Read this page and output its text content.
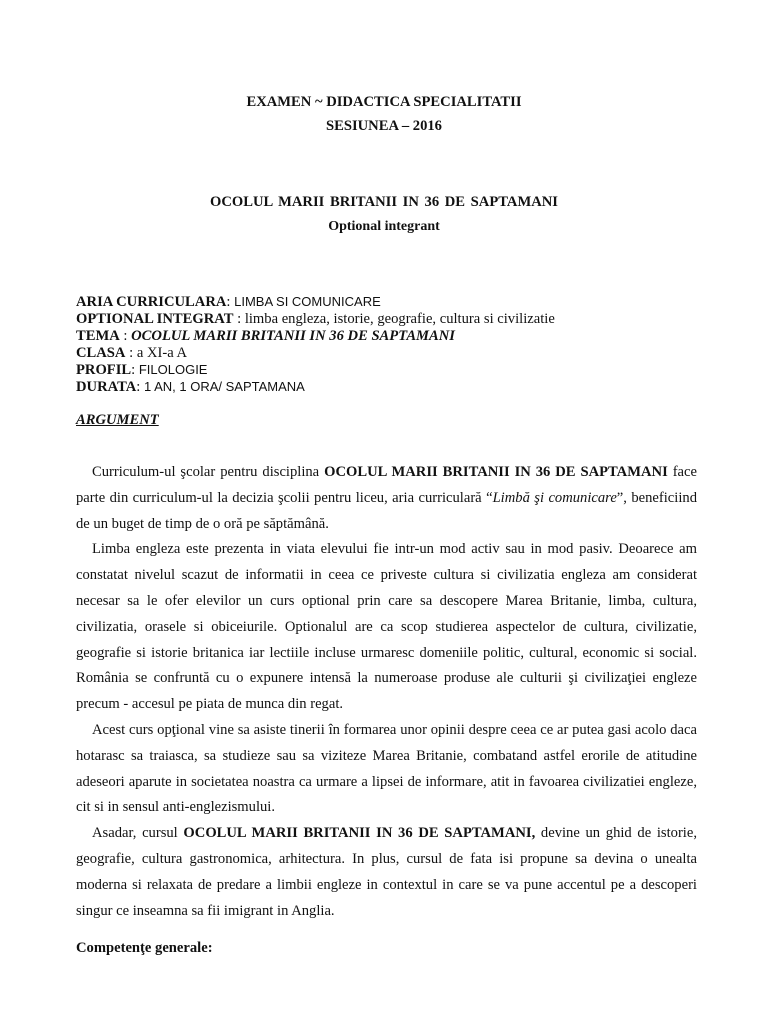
EXAMEN ~ DIDACTICA SPECIALITATII
SESIUNEA – 2016
OCOLUL MARII BRITANII IN 36 DE SAPTAMANI
Optional integrant
ARIA CURRICULARA: LIMBA SI COMUNICARE
OPTIONAL INTEGRAT : limba engleza, istorie, geografie, cultura si civilizatie
TEMA : OCOLUL MARII BRITANII IN 36 DE SAPTAMANI
CLASA : a XI-a A
PROFIL: FILOLOGIE
DURATA: 1 AN, 1 ORA/ SAPTAMANA
ARGUMENT

Curriculum-ul şcolar pentru disciplina OCOLUL MARII BRITANII IN 36 DE SAPTAMANI face parte din curriculum-ul la decizia şcolii pentru liceu, aria curriculară “Limbă şi comunicare”, beneficiind de un buget de timp de o oră pe săptămână.

Limba engleza este prezenta in viata elevului fie intr-un mod activ sau in mod pasiv. Deoarece am constatat nivelul scazut de informatii in ceea ce priveste cultura si civilizatia engleza am considerat necesar sa le ofer elevilor un curs optional prin care sa descopere Marea Britanie, limba, cultura, civilizatia, orasele si obiceiurile. Optionalul are ca scop studierea aspectelor de cultura, civilizatie, geografie si istorie britanica iar lectiile incluse urmaresc domeniile politic, cultural, economic si social. România se confruntă cu o expunere intensă la numeroase produse ale culturii şi civilizaţiei engleze precum - accesul pe piata de munca din regat.

Acest curs opţional vine sa asiste tinerii în formarea unor opinii despre ceea ce ar putea gasi acolo daca hotarasc sa traiasca, sa studieze sau sa viziteze Marea Britanie, combatand astfel erorile de atitudine adeseori aparute in societatea noastra ca urmare a lipsei de informare, atit in favoarea civilizatiei engleze, cit si in sensul anti-englezismului.

Asadar, cursul OCOLUL MARII BRITANII IN 36 DE SAPTAMANI, devine un ghid de istorie, geografie, cultura gastronomica, arhitectura. In plus, cursul de fata isi propune sa devina o unealta moderna si relaxata de predare a limbii engleze in contextul in care se va pune accentul pe a descoperi singur ce inseamna sa fii imigrant in Anglia.

Competenţe generale:
